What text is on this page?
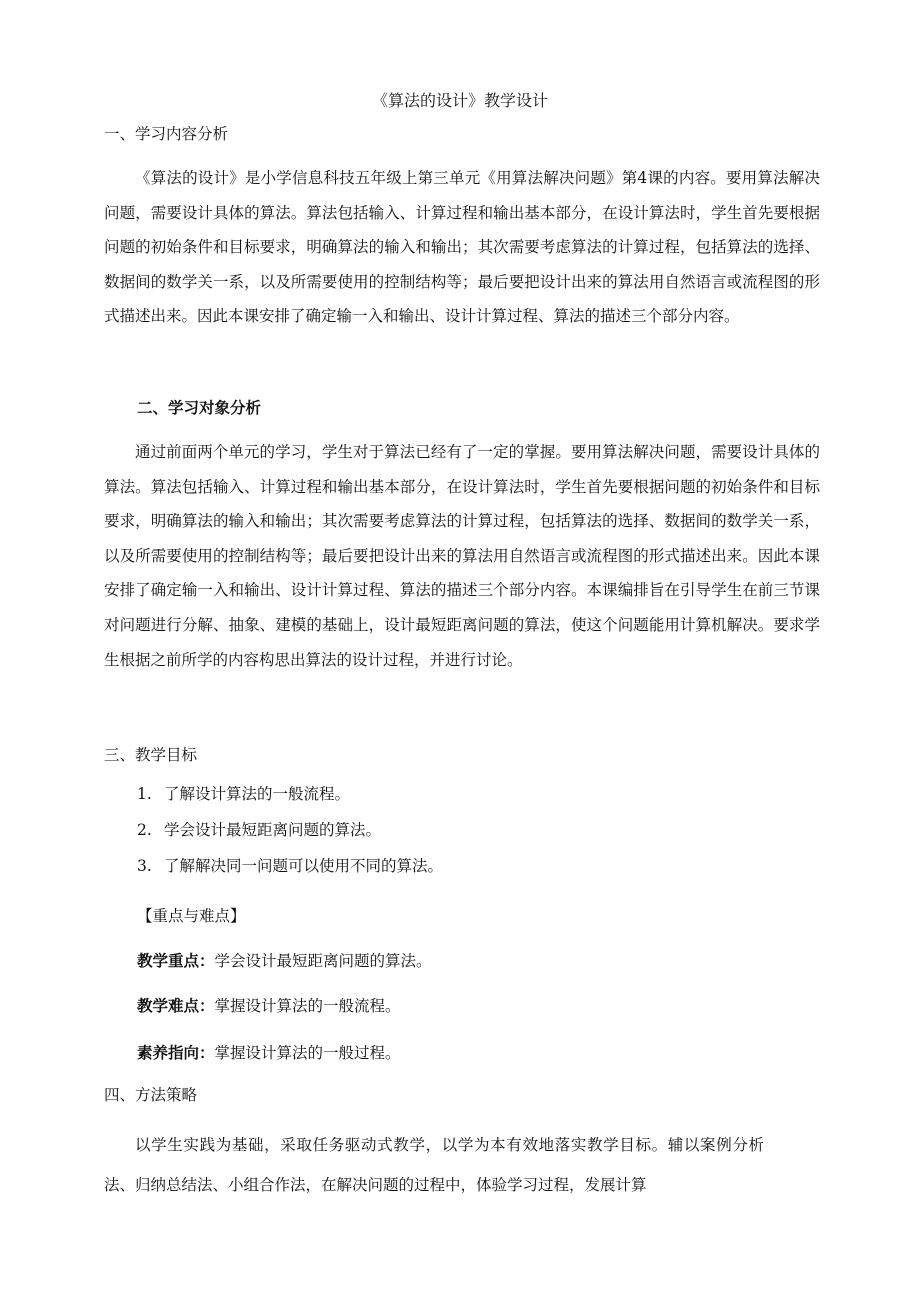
《算法的设计》教学设计
一、学习内容分析

《算法的设计》是小学信息科技五年级上第三单元《用算法解决问题》第4课的内容。要用算法解决问题，需要设计具体的算法。算法包括输入、计算过程和输出基本部分，在设计算法时，学生首先要根据问题的初始条件和目标要求，明确算法的输入和输出；其次需要考虑算法的计算过程，包括算法的选择、数据间的数学关一系，以及所需要使用的控制结构等；最后要把设计出来的算法用自然语言或流程图的形式描述出来。因此本课安排了确定输一入和输出、设计计算过程、算法的描述三个部分内容。

二、学习对象分析

通过前面两个单元的学习，学生对于算法已经有了一定的掌握。要用算法解决问题，需要设计具体的算法。算法包括输入、计算过程和输出基本部分，在设计算法时，学生首先要根据问题的初始条件和目标要求，明确算法的输入和输出；其次需要考虑算法的计算过程，包括算法的选择、数据间的数学关一系，以及所需要使用的控制结构等；最后要把设计出来的算法用自然语言或流程图的形式描述出来。因此本课安排了确定输一入和输出、设计计算过程、算法的描述三个部分内容。本课编排旨在引导学生在前三节课对问题进行分解、抽象、建模的基础上，设计最短距离问题的算法，使这个问题能用计算机解决。要求学生根据之前所学的内容构思出算法的设计过程，并进行讨论。

三、教学目标
1. 了解设计算法的一般流程。
2. 学会设计最短距离问题的算法。
3. 了解解决同一问题可以使用不同的算法。

【重点与难点】

教学重点：学会设计最短距离问题的算法。

教学难点：掌握设计算法的一般流程。

素养指向：掌握设计算法的一般过程。

四、方法策略

以学生实践为基础，采取任务驱动式教学，以学为本有效地落实教学目标。辅以案例分析法、归纳总结法、小组合作法，在解决问题的过程中，体验学习过程，发展计算
